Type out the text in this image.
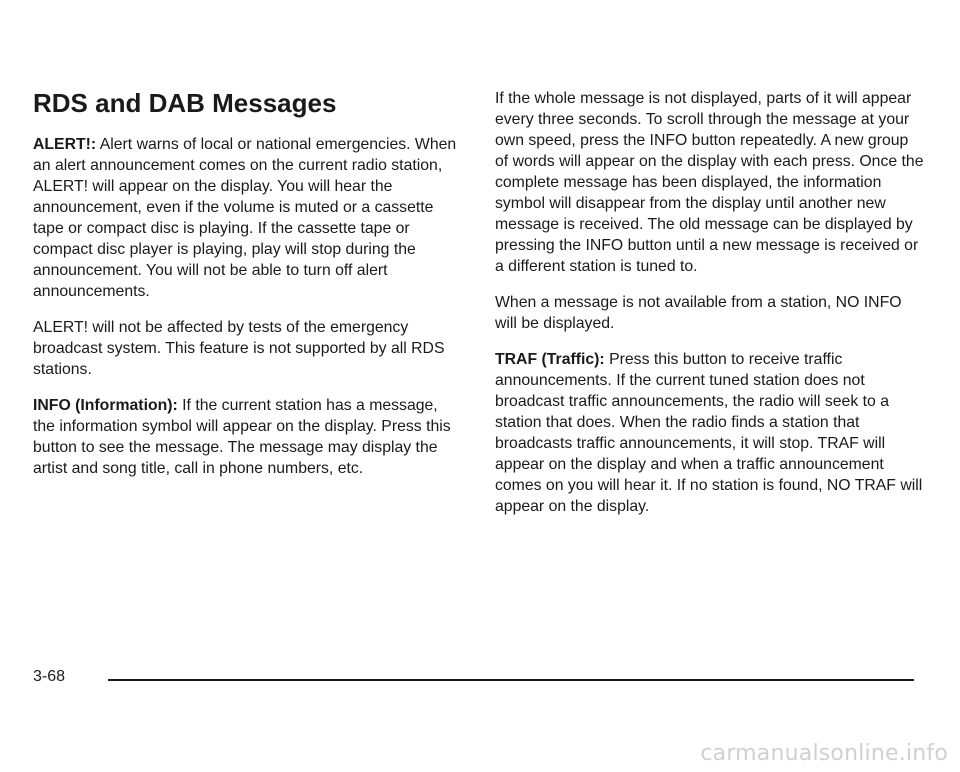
RDS and DAB Messages

ALERT!: Alert warns of local or national emergencies. When an alert announcement comes on the current radio station, ALERT! will appear on the display. You will hear the announcement, even if the volume is muted or a cassette tape or compact disc is playing. If the cassette tape or compact disc player is playing, play will stop during the announcement. You will not be able to turn off alert announcements.

ALERT! will not be affected by tests of the emergency broadcast system. This feature is not supported by all RDS stations.

INFO (Information): If the current station has a message, the information symbol will appear on the display. Press this button to see the message. The message may display the artist and song title, call in phone numbers, etc.

If the whole message is not displayed, parts of it will appear every three seconds. To scroll through the message at your own speed, press the INFO button repeatedly. A new group of words will appear on the display with each press. Once the complete message has been displayed, the information symbol will disappear from the display until another new message is received. The old message can be displayed by pressing the INFO button until a new message is received or a different station is tuned to.

When a message is not available from a station, NO INFO will be displayed.

TRAF (Traffic): Press this button to receive traffic announcements. If the current tuned station does not broadcast traffic announcements, the radio will seek to a station that does. When the radio finds a station that broadcasts traffic announcements, it will stop. TRAF will appear on the display and when a traffic announcement comes on you will hear it. If no station is found, NO TRAF will appear on the display.

3-68
carmanualsonline.info
